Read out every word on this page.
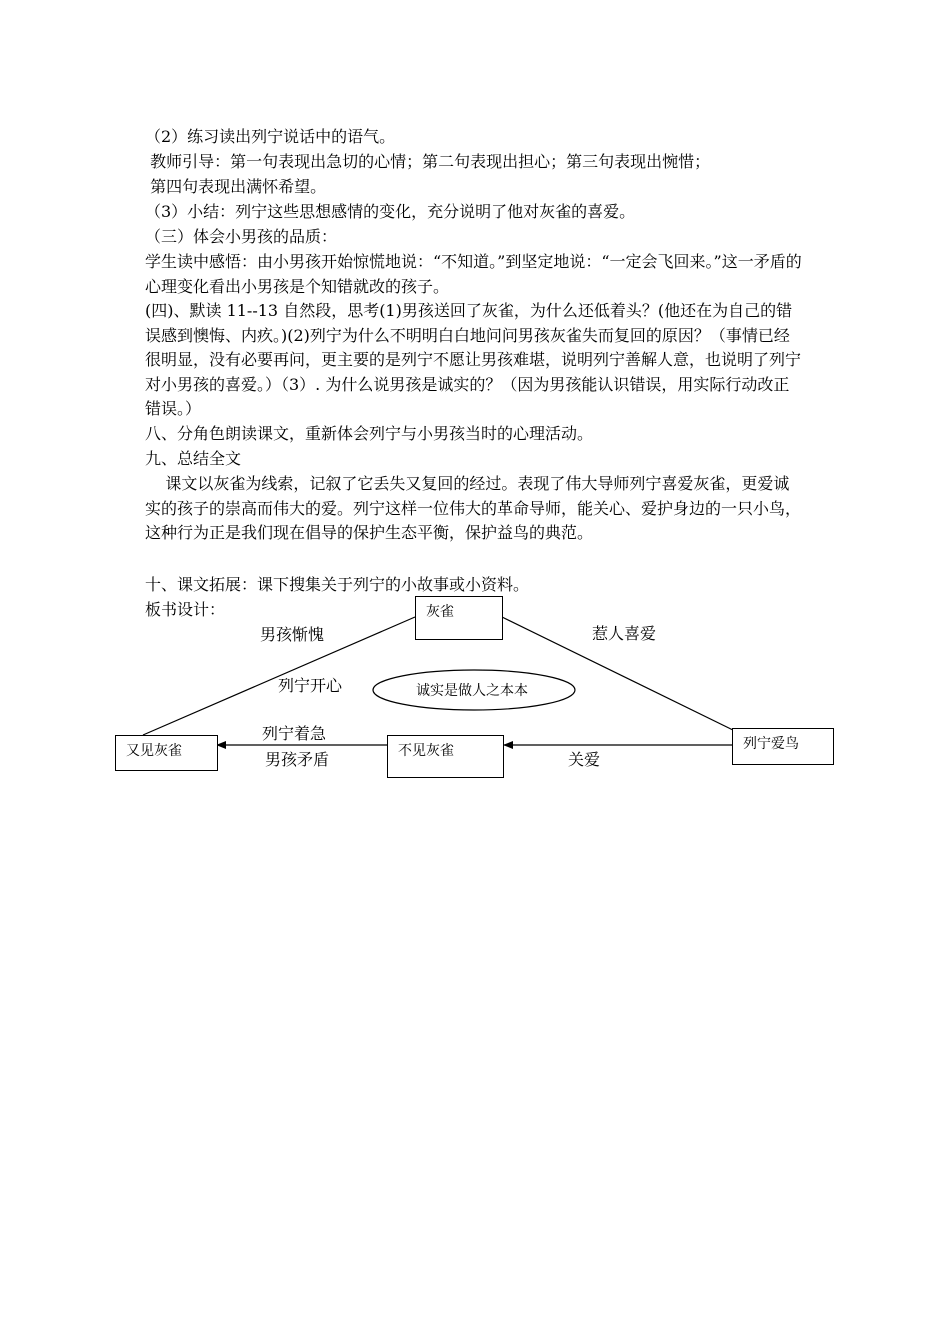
（2）练习读出列宁说话中的语气。

教师引导：第一句表现出急切的心情；第二句表现出担心；第三句表现出惋惜；

第四句表现出满怀希望。

（3）小结：列宁这些思想感情的变化，充分说明了他对灰雀的喜爱。

（三）体会小男孩的品质：

学生读中感悟：由小男孩开始惊慌地说：“不知道。”到坚定地说：“一定会飞回来。”这一矛盾的心理变化看出小男孩是个知错就改的孩子。

(四)、默读 11--13 自然段，思考(1)男孩送回了灰雀，为什么还低着头？(他还在为自己的错误感到懊悔、内疚。)(2)列宁为什么不明明白白地问问男孩灰雀失而复回的原因？（事情已经很明显，没有必要再问，更主要的是列宁不愿让男孩难堪，说明列宁善解人意，也说明了列宁对小男孩的喜爱。）（3）. 为什么说男孩是诚实的？（因为男孩能认识错误，用实际行动改正错误。）

八、分角色朗读课文，重新体会列宁与小男孩当时的心理活动。

九、总结全文

课文以灰雀为线索，记叙了它丢失又复回的经过。表现了伟大导师列宁喜爱灰雀，更爱诚实的孩子的崇高而伟大的爱。列宁这样一位伟大的革命导师，能关心、爱护身边的一只小鸟，这种行为正是我们现在倡导的保护生态平衡，保护益鸟的典范。

十、课文拓展：课下搜集关于列宁的小故事或小资料。

板书设计：	灰雀
列宁爱鸟
不见灰雀
又见灰雀
诚实是做人之本本
男孩惭愧
列宁开心
惹人喜爱
列宁着急
男孩矛盾	关爱
